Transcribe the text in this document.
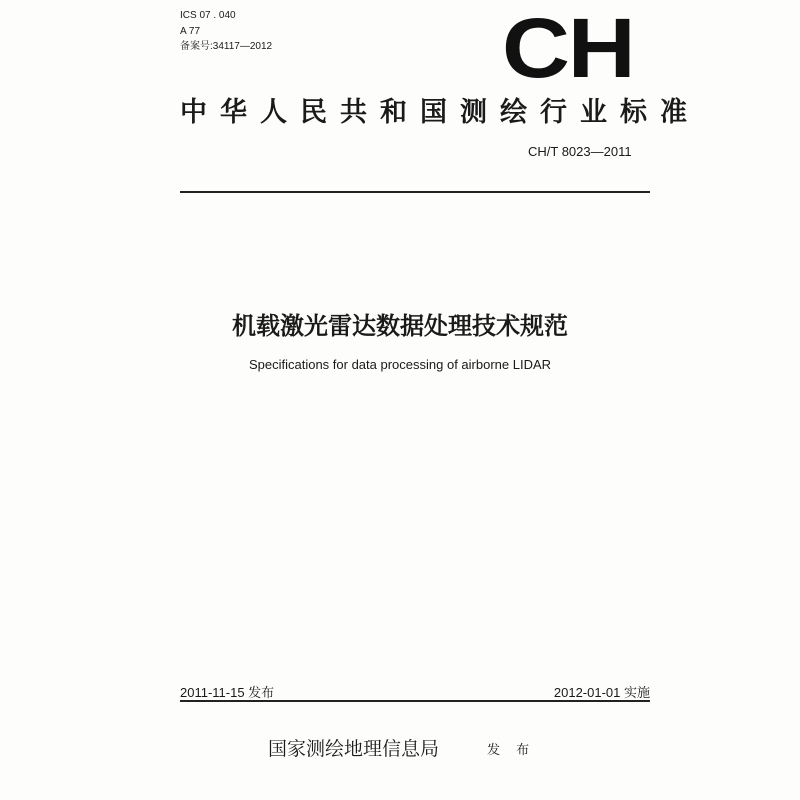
ICS 07 . 040
A 77
备案号:34117—2012	CH
中华人民共和国测绘行业标准
CH/T 8023—2011
机载激光雷达数据处理技术规范
Specifications for data processing of airborne LIDAR
2011-11-15 发布	2012-01-01 实施
国家测绘地理信息局	发 布
